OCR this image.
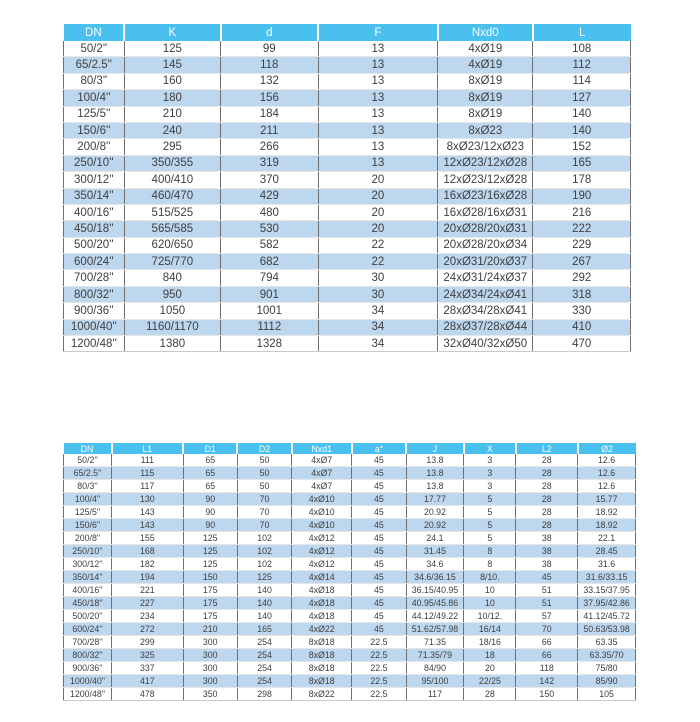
DN	K	d	F	Nxd0	L
50/2''	125	99	13	4xØ19	108
65/2.5''	145	118	13	4xØ19	112
80/3''	160	132	13	8xØ19	114
100/4''	180	156	13	8xØ19	127
125/5''	210	184	13	8xØ19	140
150/6''	240	211	13	8xØ23	140
200/8''	295	266	13	8xØ23/12xØ23	152
250/10''	350/355	319	13	12xØ23/12xØ28	165
300/12''	400/410	370	20	12xØ23/12xØ28	178
350/14''	460/470	429	20	16xØ23/16xØ28	190
400/16''	515/525	480	20	16xØ28/16xØ31	216
450/18''	565/585	530	20	20xØ28/20xØ31	222
500/20''	620/650	582	22	20xØ28/20xØ34	229
600/24''	725/770	682	22	20xØ31/20xØ37	267
700/28''	840	794	30	24xØ31/24xØ37	292
800/32''	950	901	30	24xØ34/24xØ41	318
900/36''	1050	1001	34	28xØ34/28xØ41	330
1000/40''	1160/1170	1112	34	28xØ37/28xØ44	410
1200/48''	1380	1328	34	32xØ40/32xØ50	470
DN	L1	D1	D2	Nxd1	a°	J	X	L2	Ø2
50/2''	111	65	50	4xØ7	45	13.8	3	28	12.6
65/2.5''	115	65	50	4xØ7	45	13.8	3	28	12.6
80/3''	117	65	50	4xØ7	45	13.8	3	28	12.6
100/4''	130	90	70	4xØ10	45	17.77	5	28	15.77
125/5''	143	90	70	4xØ10	45	20.92	5	28	18.92
150/6''	143	90	70	4xØ10	45	20.92	5	28	18.92
200/8''	155	125	102	4xØ12	45	24.1	5	38	22.1
250/10''	168	125	102	4xØ12	45	31.45	8	38	28.45
300/12''	182	125	102	4xØ12	45	34.6	8	38	31.6
350/14''	194	150	125	4xØ14	45	34.6/36.15	8/10.	45	31.6/33.15
400/16''	221	175	140	4xØ18	45	36.15/40.95	10	51	33.15/37.95
450/18''	227	175	140	4xØ18	45	40.95/45.86	10	51	37.95/42.86
500/20''	234	175	140	4xØ18	45	44.12/49.22	10/12.	57	41.12/45.72
600/24''	272	210	165	4xØ22	45	51.62/57.98	16/14	70	50.63/53.98
700/28''	299	300	254	8xØ18	22.5	71.35	18/16	66	63.35
800/32''	325	300	254	8xØ18	22.5	71.35/79	18	66	63.35/70
900/36''	337	300	254	8xØ18	22.5	84/90	20	118	75/80
1000/40''	417	300	254	8xØ18	22.5	95/100	22/25	142	85/90
1200/48''	478	350	298	8xØ22	22.5	117	28	150	105
